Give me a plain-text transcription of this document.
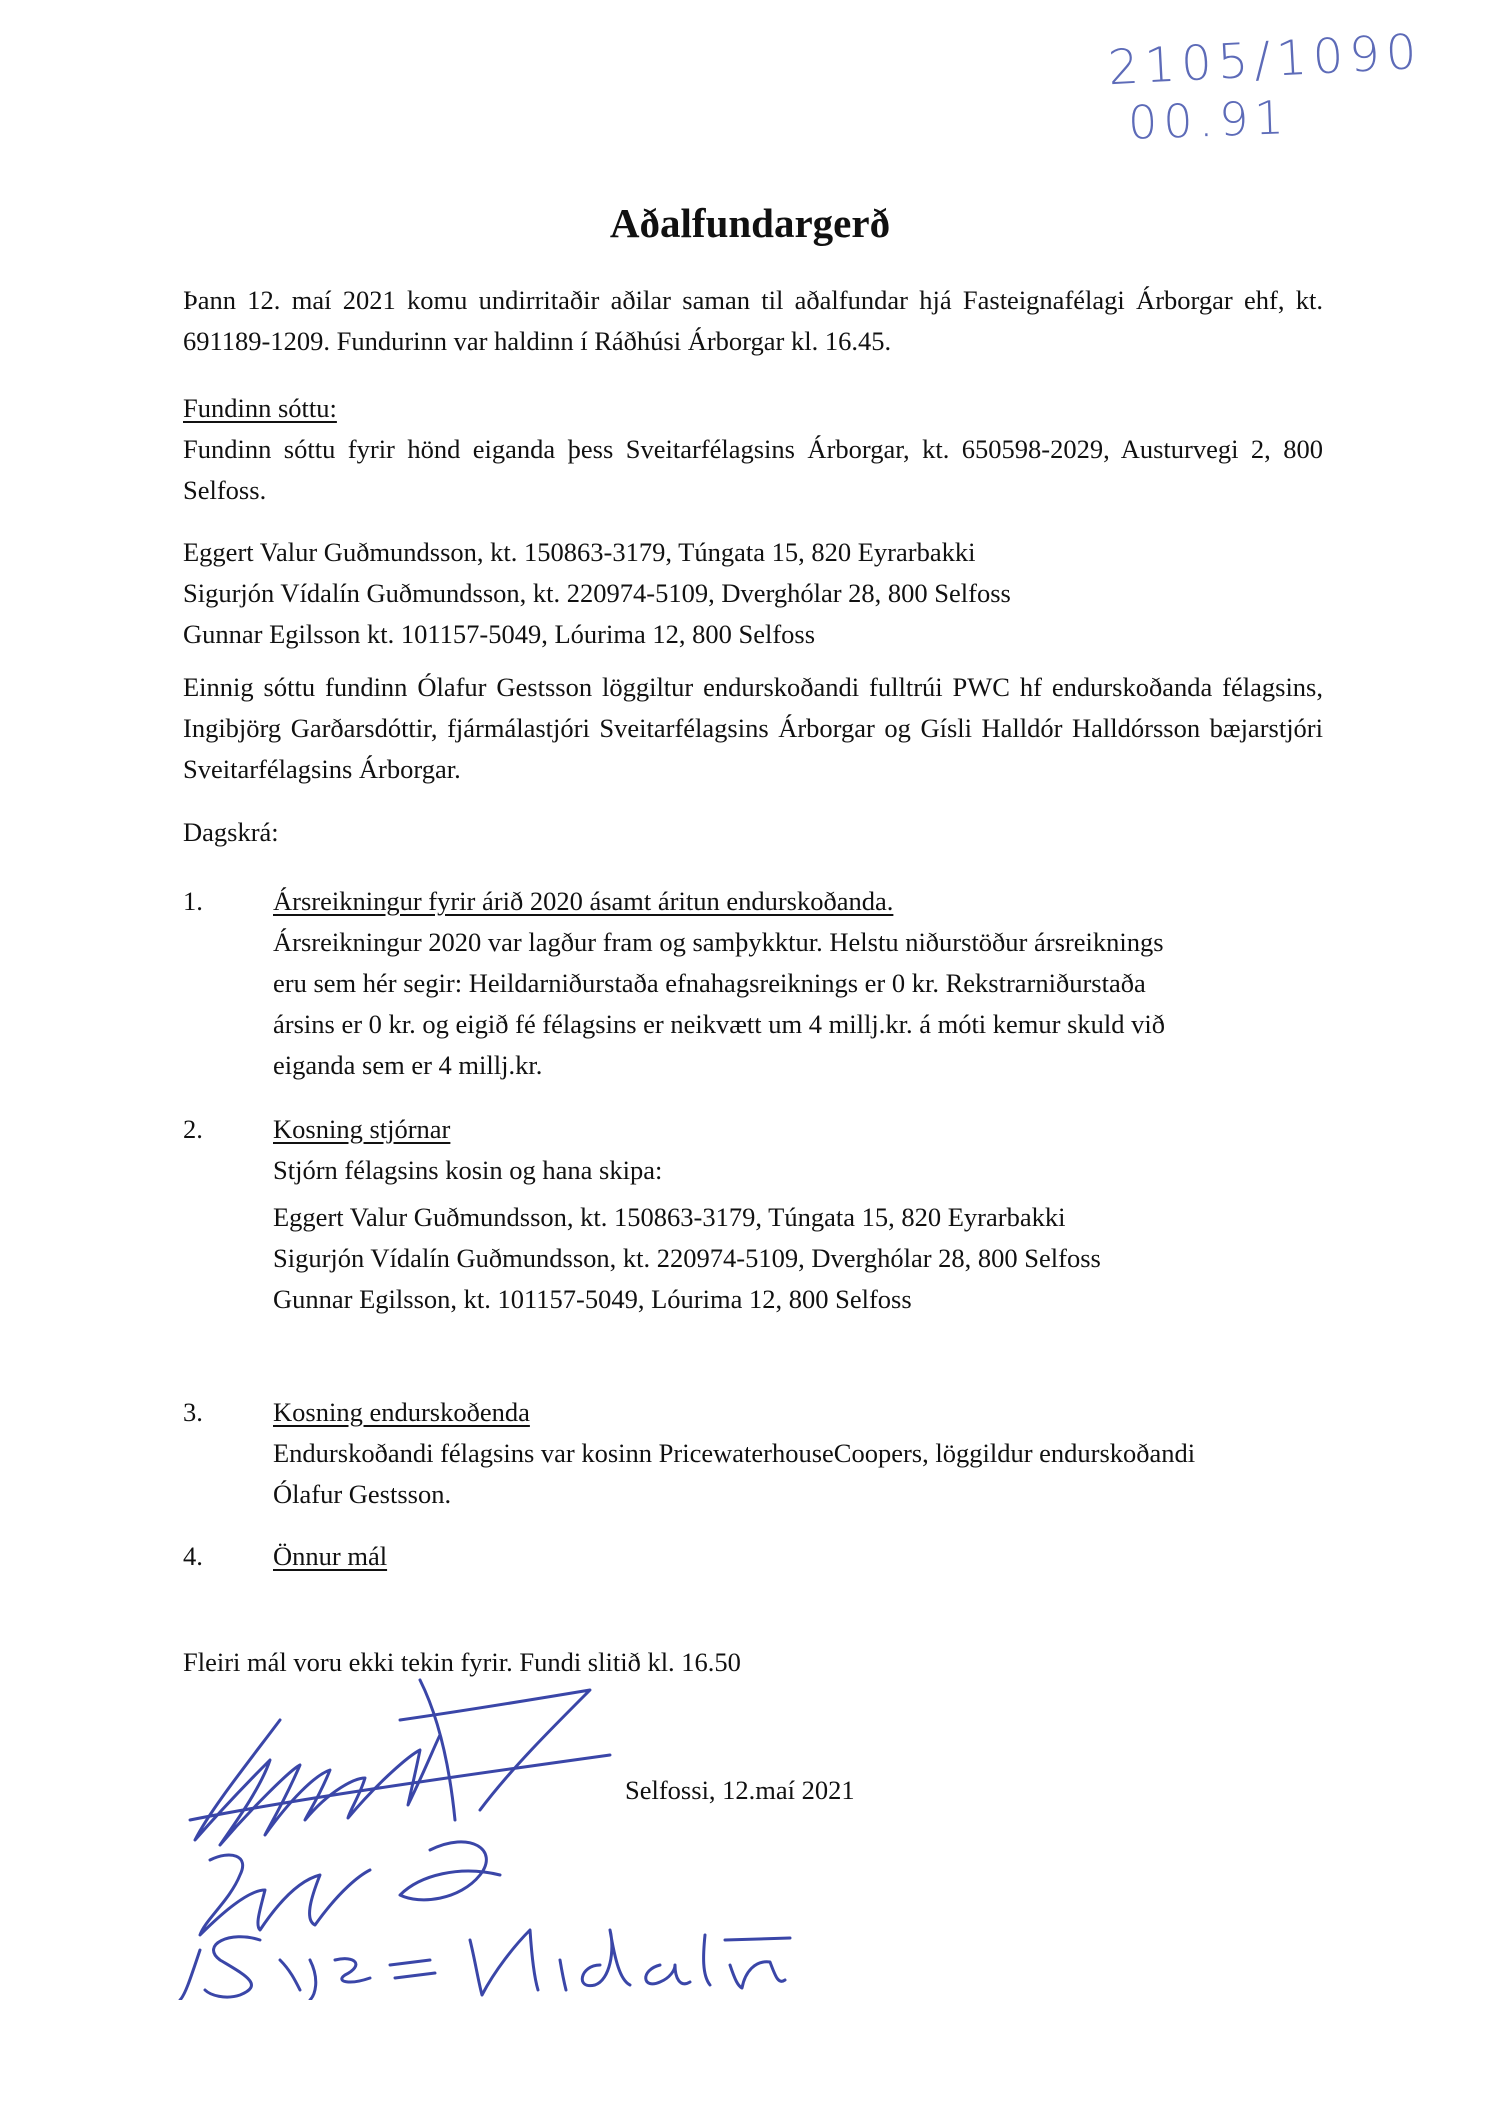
2105/1090
00.91
Aðalfundargerð
Þann 12. maí 2021 komu undirritaðir aðilar saman til aðalfundar hjá Fasteignafélagi Árborgar ehf, kt. 691189-1209. Fundurinn var haldinn í Ráðhúsi Árborgar kl. 16.45.
Fundinn sóttu:
Fundinn sóttu fyrir hönd eiganda þess Sveitarfélagsins Árborgar, kt. 650598-2029, Austurvegi 2, 800 Selfoss.
Eggert Valur Guðmundsson, kt. 150863-3179, Túngata 15, 820 Eyrarbakki
Sigurjón Vídalín Guðmundsson, kt. 220974-5109, Dverghólar 28, 800 Selfoss
Gunnar Egilsson kt. 101157-5049, Lóurima 12, 800 Selfoss
Einnig sóttu fundinn Ólafur Gestsson löggiltur endurskoðandi fulltrúi PWC hf endurskoðanda félagsins, Ingibjörg Garðarsdóttir, fjármálastjóri Sveitarfélagsins Árborgar og Gísli Halldór Halldórsson bæjarstjóri Sveitarfélagsins Árborgar.
Dagskrá:
1.	Ársreikningur fyrir árið 2020 ásamt áritun endurskoðanda.
Ársreikningur 2020 var lagður fram og samþykktur. Helstu niðurstöður ársreiknings
eru sem hér segir: Heildarniðurstaða efnahagsreiknings er 0 kr. Rekstrarniðurstaða
ársins er 0 kr. og eigið fé félagsins er neikvætt um 4 millj.kr. á móti kemur skuld við
eiganda sem er 4 millj.kr.
2.	Kosning stjórnar
Stjórn félagsins kosin og hana skipa:
Eggert Valur Guðmundsson, kt. 150863-3179, Túngata 15, 820 Eyrarbakki
Sigurjón Vídalín Guðmundsson, kt. 220974-5109, Dverghólar 28, 800 Selfoss
Gunnar Egilsson, kt. 101157-5049, Lóurima 12, 800 Selfoss
3.	Kosning endurskoðenda
Endurskoðandi félagsins var kosinn PricewaterhouseCoopers, löggildur endurskoðandi
Ólafur Gestsson.
4.	Önnur mál
Fleiri mál voru ekki tekin fyrir. Fundi slitið kl. 16.50
Selfossi, 12.maí 2021
